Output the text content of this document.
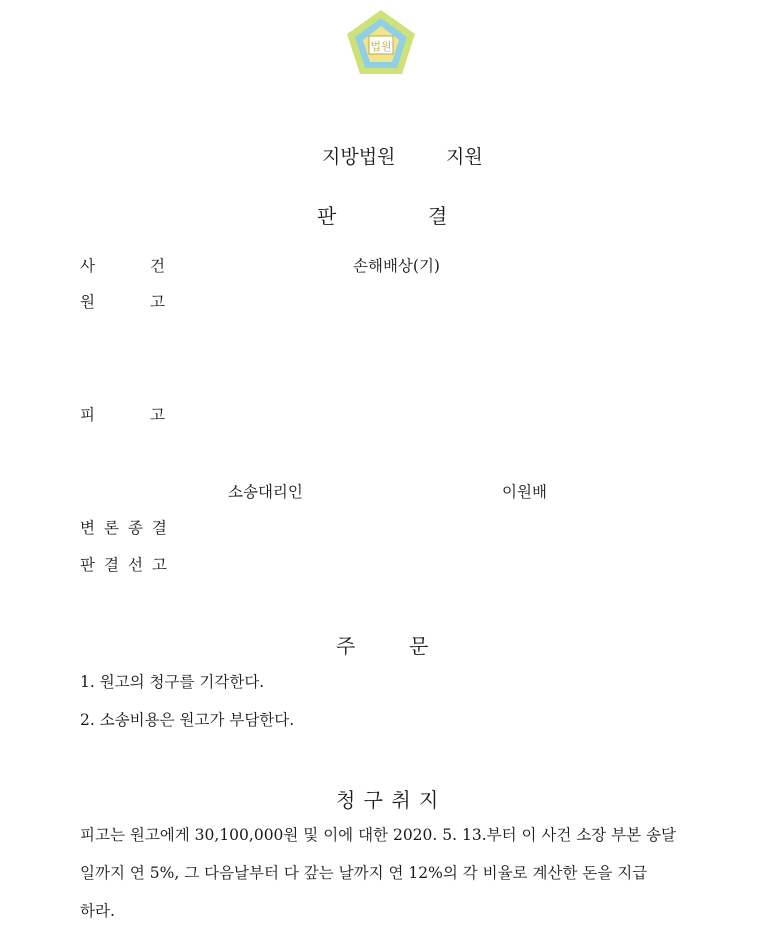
법원
지방법원	지원
판	결
사	건	손해배상(기)
원	고
피	고
소송대리인	이원배
변론종결
판결선고
주	문
1. 원고의 청구를 기각한다.
2. 소송비용은 원고가 부담한다.
청 구 취 지
피고는 원고에게 30,100,000원 및 이에 대한 2020. 5. 13.부터 이 사건 소장 부본 송달
일까지 연 5%, 그 다음날부터 다 갚는 날까지 연 12%의 각 비율로 계산한 돈을 지급
하라.
